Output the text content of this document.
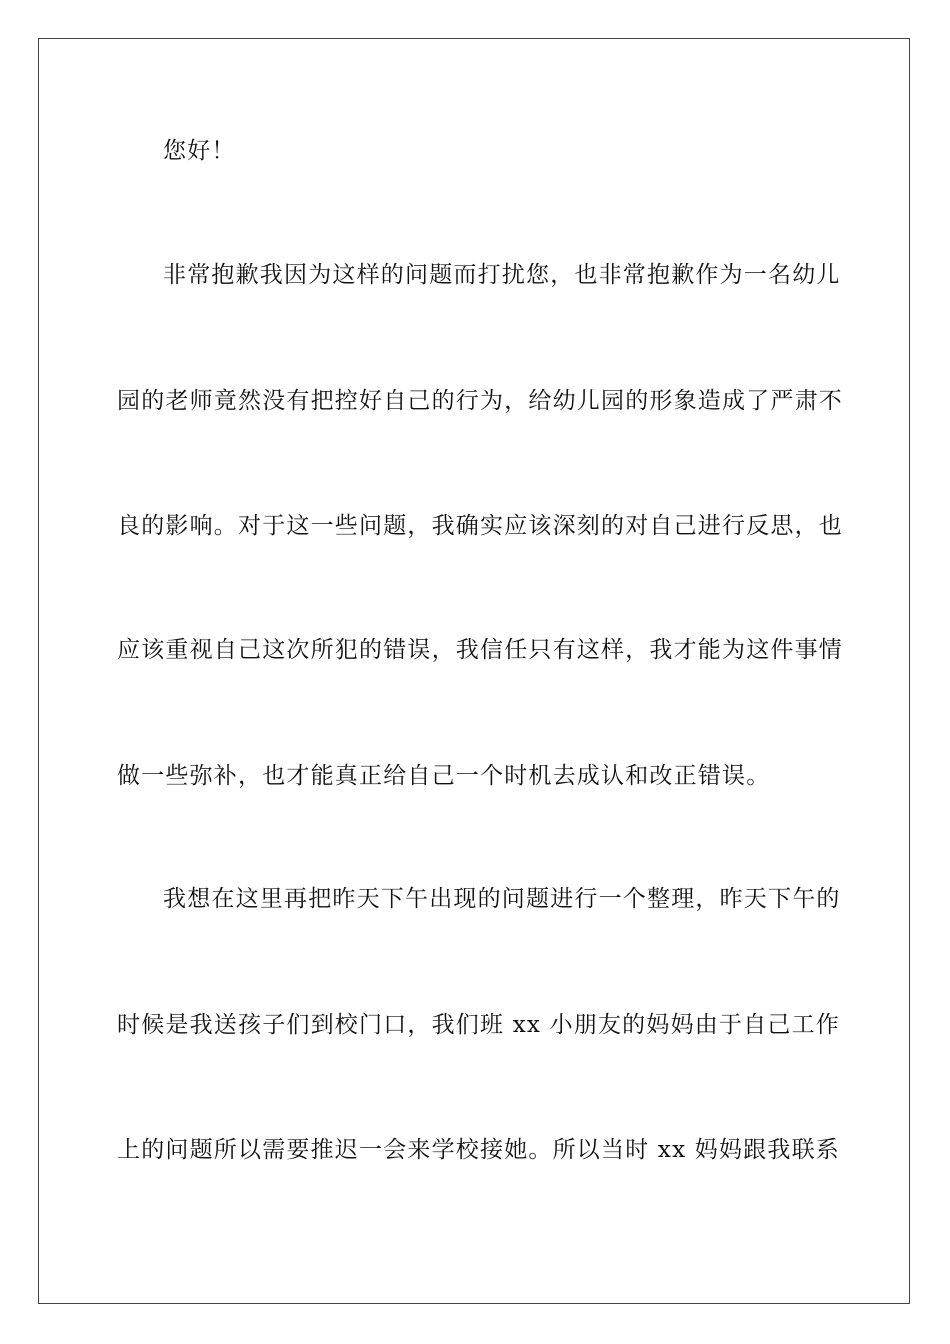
您好！
非常抱歉我因为这样的问题而打扰您，也非常抱歉作为一名幼儿
园的老师竟然没有把控好自己的行为，给幼儿园的形象造成了严肃不
良的影响。对于这一些问题，我确实应该深刻的对自己进行反思，也
应该重视自己这次所犯的错误，我信任只有这样，我才能为这件事情
做一些弥补，也才能真正给自己一个时机去成认和改正错误。
我想在这里再把昨天下午出现的问题进行一个整理，昨天下午的
时候是我送孩子们到校门口，我们班 xx 小朋友的妈妈由于自己工作
上的问题所以需要推迟一会来学校接她。所以当时 xx 妈妈跟我联系
